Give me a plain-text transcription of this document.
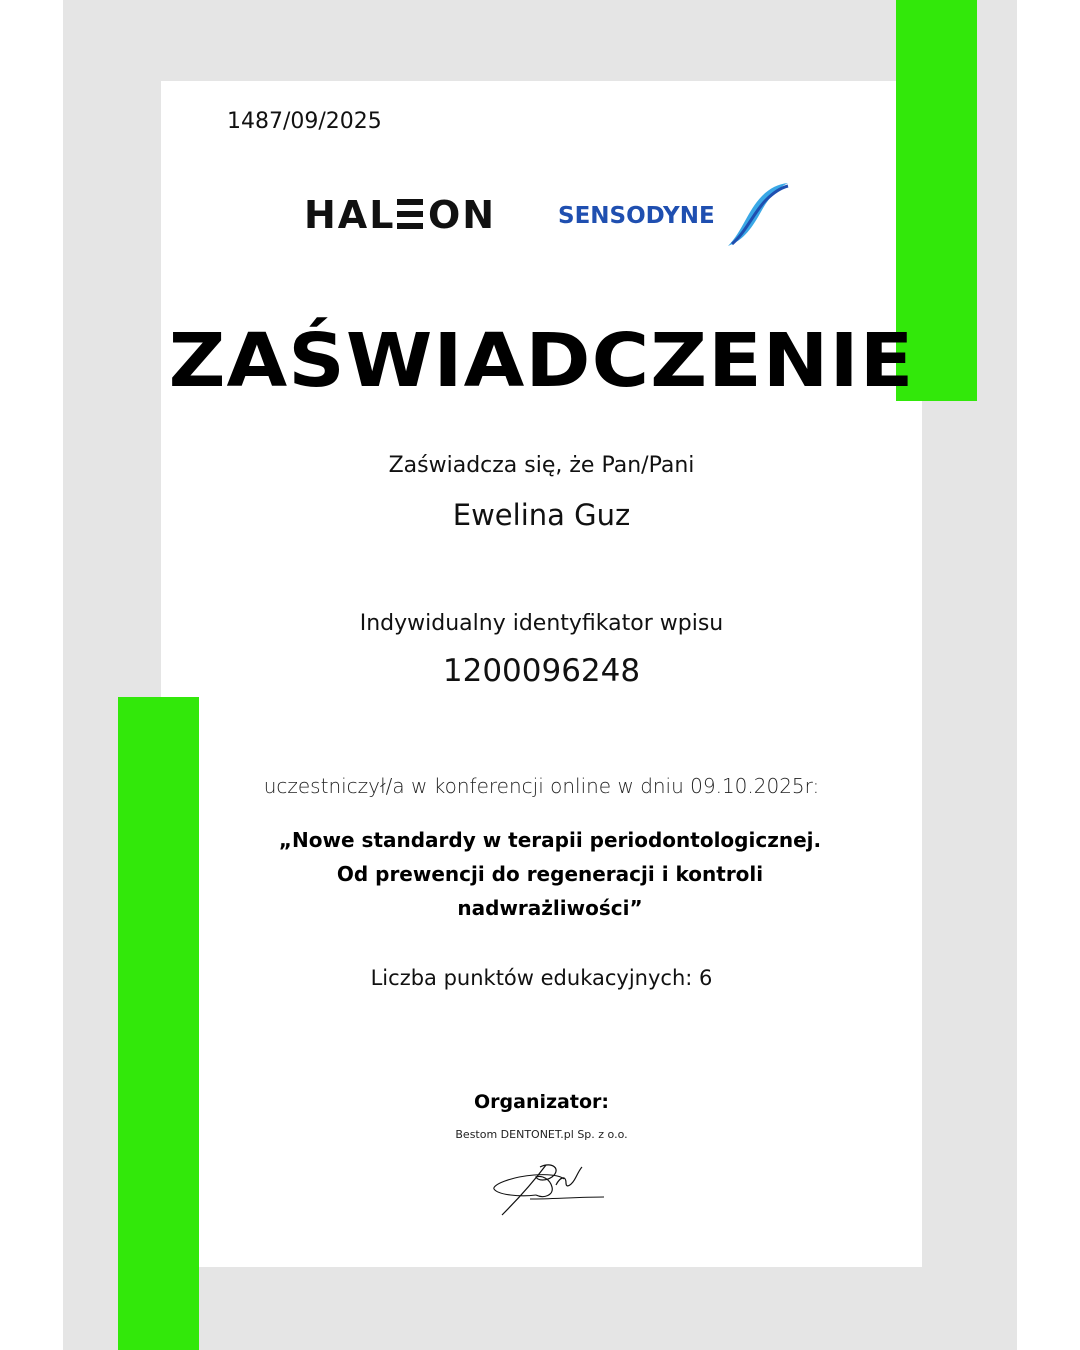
1487/09/2025
HAL ON	SENSODYNE
ZAŚWIADCZENIE
Zaświadcza się, że Pan/Pani
Ewelina Guz
Indywidualny identyfikator wpisu
1200096248
uczestniczył/a w konferencji online w dniu 09.10.2025r:
„Nowe standardy w terapii periodontologicznej.
Od prewencji do regeneracji i kontroli
nadwrażliwości”
Liczba punktów edukacyjnych: 6
Organizator:
Bestom DENTONET.pl Sp. z o.o.
